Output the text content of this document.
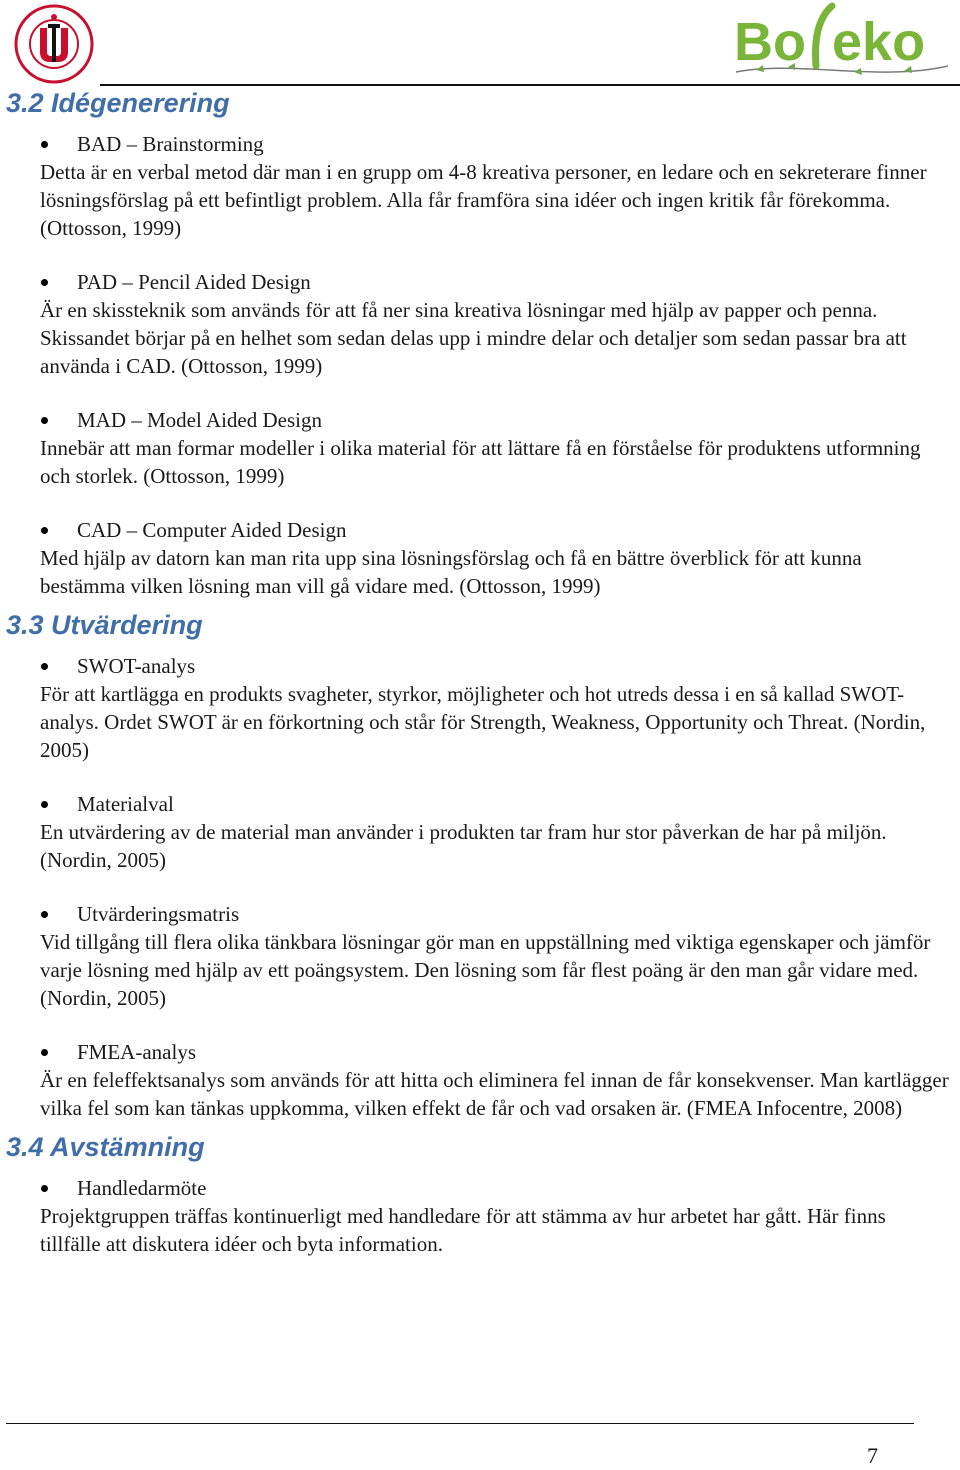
Bo eko
3.2 Idégenerering
BAD – Brainstorming
Detta är en verbal metod där man i en grupp om 4-8 kreativa personer, en ledare och en sekreterare finner lösningsförslag på ett befintligt problem. Alla får framföra sina idéer och ingen kritik får förekomma. (Ottosson, 1999)
PAD – Pencil Aided Design
Är en skissteknik som används för att få ner sina kreativa lösningar med hjälp av papper och penna. Skissandet börjar på en helhet som sedan delas upp i mindre delar och detaljer som sedan passar bra att använda i CAD. (Ottosson, 1999)
MAD – Model Aided Design
Innebär att man formar modeller i olika material för att lättare få en förståelse för produktens utformning och storlek. (Ottosson, 1999)
CAD – Computer Aided Design
Med hjälp av datorn kan man rita upp sina lösningsförslag och få en bättre överblick för att kunna bestämma vilken lösning man vill gå vidare med. (Ottosson, 1999)
3.3 Utvärdering
SWOT-analys
För att kartlägga en produkts svagheter, styrkor, möjligheter och hot utreds dessa i en så kallad SWOT-analys. Ordet SWOT är en förkortning och står för Strength, Weakness, Opportunity och Threat. (Nordin, 2005)
Materialval
En utvärdering av de material man använder i produkten tar fram hur stor påverkan de har på miljön. (Nordin, 2005)
Utvärderingsmatris
Vid tillgång till flera olika tänkbara lösningar gör man en uppställning med viktiga egenskaper och jämför varje lösning med hjälp av ett poängsystem. Den lösning som får flest poäng är den man går vidare med. (Nordin, 2005)
FMEA-analys
Är en feleffektsanalys som används för att hitta och eliminera fel innan de får konsekvenser. Man kartlägger vilka fel som kan tänkas uppkomma, vilken effekt de får och vad orsaken är. (FMEA Infocentre, 2008)
3.4 Avstämning
Handledarmöte
Projektgruppen träffas kontinuerligt med handledare för att stämma av hur arbetet har gått. Här finns tillfälle att diskutera idéer och byta information.
7
